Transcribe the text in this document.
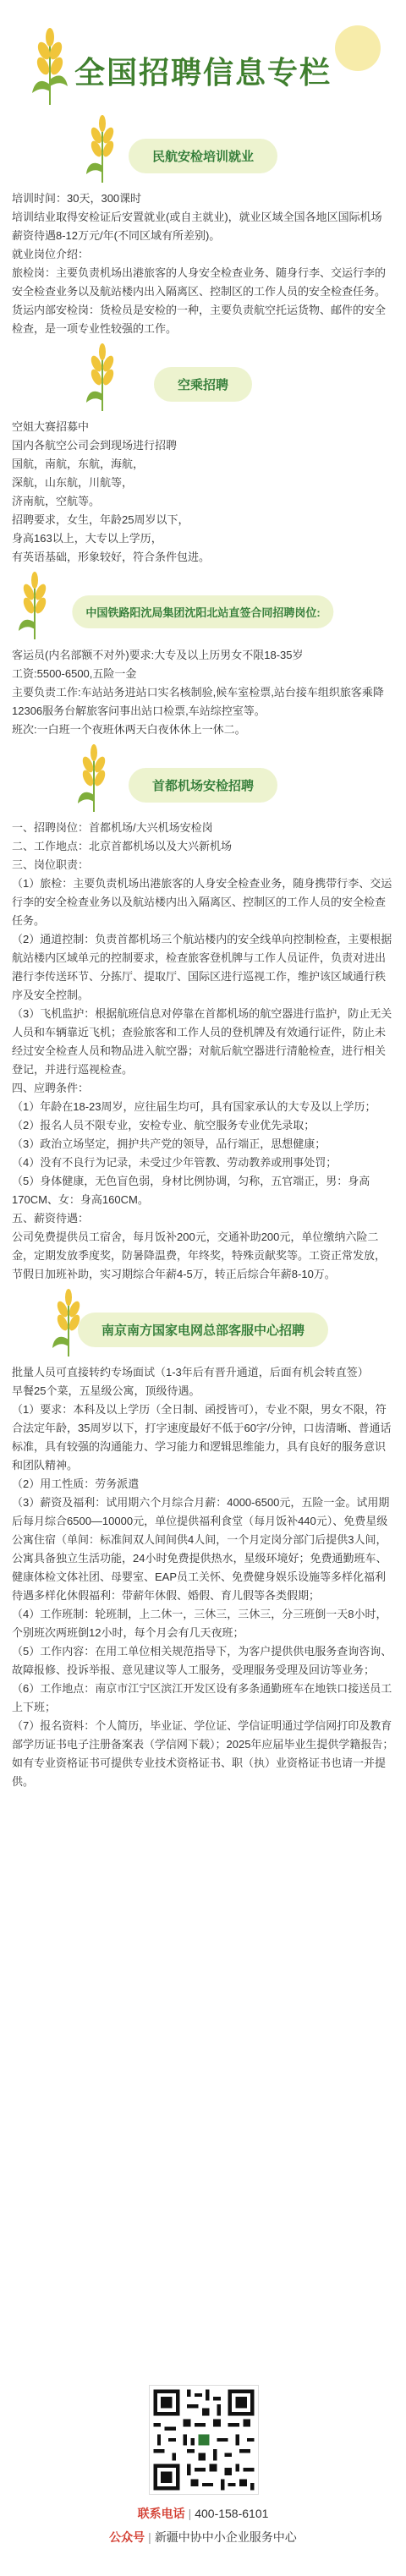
全国招聘信息专栏
民航安检培训就业

培训时间：30天，300课时

培训结业取得安检证后安置就业(或自主就业)，就业区域全国各地区国际机场

薪资待遇8-12万元/年(不同区域有所差别)。

就业岗位介绍：

旅检岗：主要负责机场出港旅客的人身安全检查业务、随身行李、交运行李的安全检查业务以及航站楼内出入隔离区、控制区的工作人员的安全检查任务。

货运内部安检岗：货检员是安检的一种，主要负责航空托运货物、邮件的安全检查，是一项专业性较强的工作。

空乘招聘

空姐大赛招募中

国内各航空公司会到现场进行招聘

国航，南航，东航，海航，

深航，山东航，川航等，

济南航，空航等。

招聘要求，女生，年龄25周岁以下，

身高163以上，大专以上学历，

有英语基础，形象较好，符合条件包进。

中国铁路阳沈局集团沈阳北站直签合同招聘岗位:

客运员(内名部额不对外)要求:大专及以上历男女不限18-35岁

工资:5500-6500,五险一金

主要负责工作:车站站务进站口实名核制验,候车室检票,站台接车组织旅客乘降

12306服务台解旅客问事出站口检票,车站综控室等。

班次:一白班一个夜班休两天白夜休休上一休二。

首都机场安检招聘

一、招聘岗位：首都机场/大兴机场安检岗

二、工作地点：北京首都机场以及大兴新机场

三、岗位职责：

（1）旅检：主要负责机场出港旅客的人身安全检查业务，随身携带行李、交运行李的安全检查业务以及航站楼内出入隔离区、控制区的工作人员的安全检查任务。

（2）通道控制：负责首都机场三个航站楼内的安全线单向控制检查，主要根据航站楼内区域单元的控制要求，检查旅客登机牌与工作人员证件，负责对进出港行李传送环节、分拣厅、提取厅、国际区进行巡视工作，维护该区域通行秩序及安全控制。

（3）飞机监护：根据航班信息对停靠在首都机场的航空器进行监护，防止无关人员和车辆靠近飞机；查验旅客和工作人员的登机牌及有效通行证件，防止未经过安全检查人员和物品进入航空器；对航后航空器进行清舱检查，进行相关登记，并进行巡视检查。

四、应聘条件：

（1）年龄在18-23周岁，应往届生均可，具有国家承认的大专及以上学历；

（2）报名人员不限专业，安检专业、航空服务专业优先录取；

（3）政治立场坚定，拥护共产党的领导，品行端正，思想健康；

（4）没有不良行为记录，未受过少年管教、劳动教养或刑事处罚；

（5）身体健康，无色盲色弱，身材比例协调，匀称，五官端正，男：身高170CM、女：身高160CM。

五、薪资待遇：

公司免费提供员工宿舍，每月饭补200元，交通补助200元，单位缴纳六险二金，定期发放季度奖，防暑降温费，年终奖，特殊贡献奖等。工资正常发放，节假日加班补助，实习期综合年薪4-5万，转正后综合年薪8-10万。

南京南方国家电网总部客服中心招聘

批量人员可直接转约专场面试（1-3年后有晋升通道，后面有机会转直签）

早餐25个菜，五星级公寓，顶级待遇。

（1）要求：本科及以上学历（全日制、函授皆可），专业不限，男女不限，符合法定年龄，35周岁以下，打字速度最好不低于60字/分钟，口齿清晰、普通话标准，具有较强的沟通能力、学习能力和逻辑思维能力，具有良好的服务意识和团队精神。

（2）用工性质：劳务派遣

（3）薪资及福利：试用期六个月综合月薪：4000-6500元，五险一金。试用期后每月综合6500—10000元，单位提供福利食堂（每月饭补440元）、免费星级公寓住宿（单间：标准间双人间间供4人间，一个月定岗分部门后提供3人间，公寓具备独立生活功能，24小时免费提供热水，星级环境好；免费通勤班车、健康体检文体社团、母婴室、EAP员工关怀、免费健身娱乐设施等多样化福利待遇多样化休假福利：带薪年休假、婚假、育儿假等各类假期；

（4）工作班制：轮班制，上二休一，三休三，三休三，分三班倒一天8小时，个别班次两班倒12小时，每个月会有几天夜班；

（5）工作内容：在用工单位相关规范指导下，为客户提供供电服务查询咨询、故障报修、投诉举报、意见建议等人工服务，受理服务受理及回访等业务；

（6）工作地点：南京市江宁区滨江开发区设有多条通勤班车在地铁口接送员工上下班；

（7）报名资料：个人简历，毕业证、学位证、学信证明通过学信网打印及教育部学历证书电子注册备案表（学信网下载）；2025年应届毕业生提供学籍报告；如有专业资格证书可提供专业技术资格证书、职（执）业资格证书也请一并提供。

联系电话 | 400-158-6101
公众号 | 新疆中协中小企业服务中心
